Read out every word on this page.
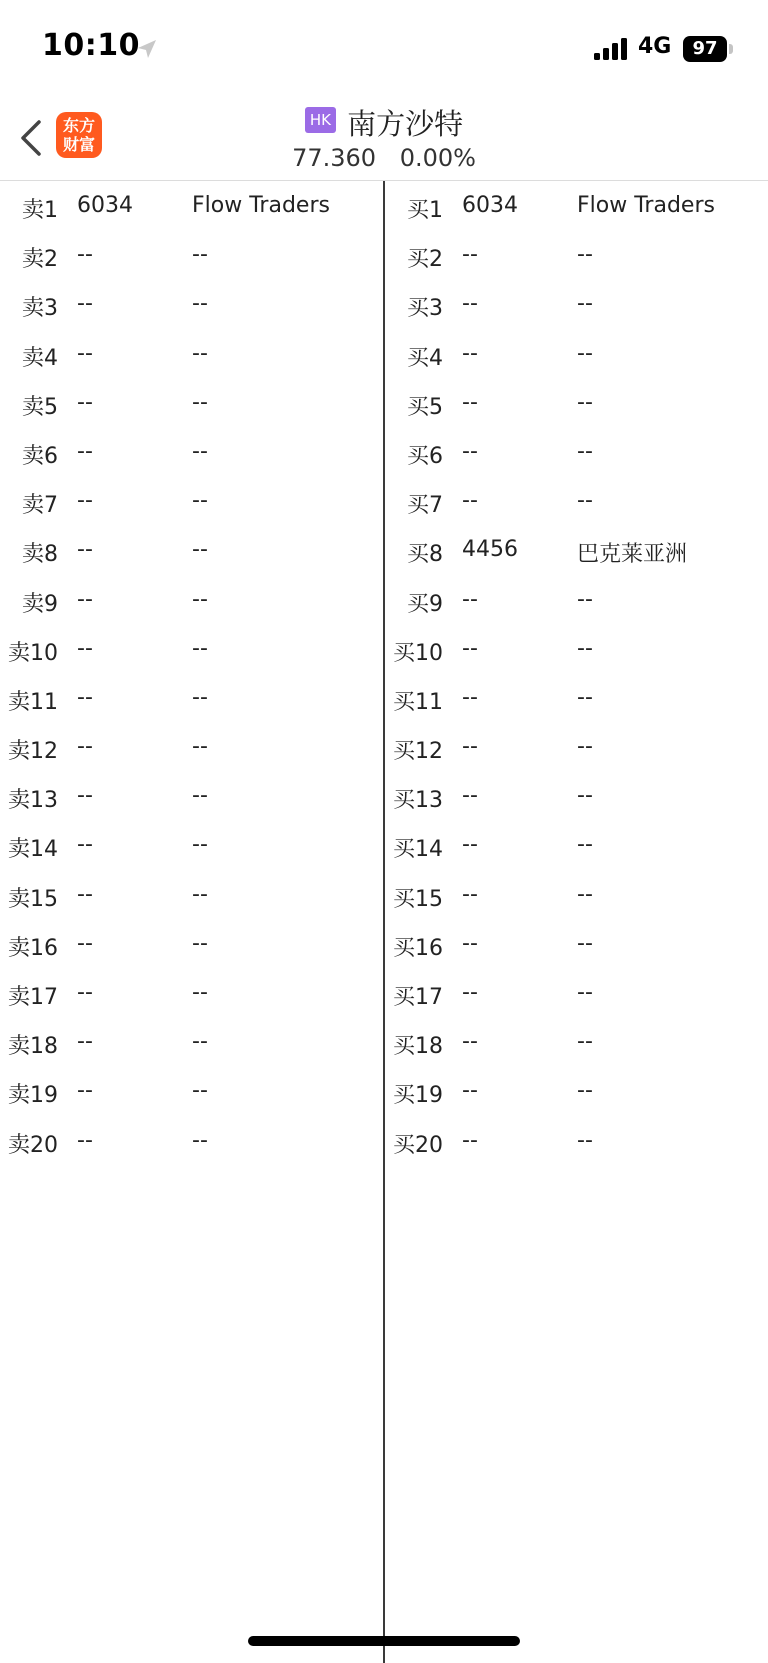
10:10	4G	97
东方
财富
HK 南方沙特
77.360 0.00%
卖1 6034	Flow Traders
卖2 --	--
卖3 --	--
卖4 --	--
卖5 --	--
卖6 --	--
卖7 --	--
卖8 --	--
卖9 --	--
卖10 --	--
卖11 --	--
卖12 --	--
卖13 --	--
卖14 --	--
卖15 --	--
卖16 --	--
卖17 --	--
卖18 --	--
卖19 --	--
卖20 --	--
买1 6034	Flow Traders
买2 --	--
买3 --	--
买4 --	--
买5 --	--
买6 --	--
买7 --	--
买8 4456	巴克莱亚洲
买9 --	--
买10 --	--
买11 --	--
买12 --	--
买13 --	--
买14 --	--
买15 --	--
买16 --	--
买17 --	--
买18 --	--
买19 --	--
买20 --	--
